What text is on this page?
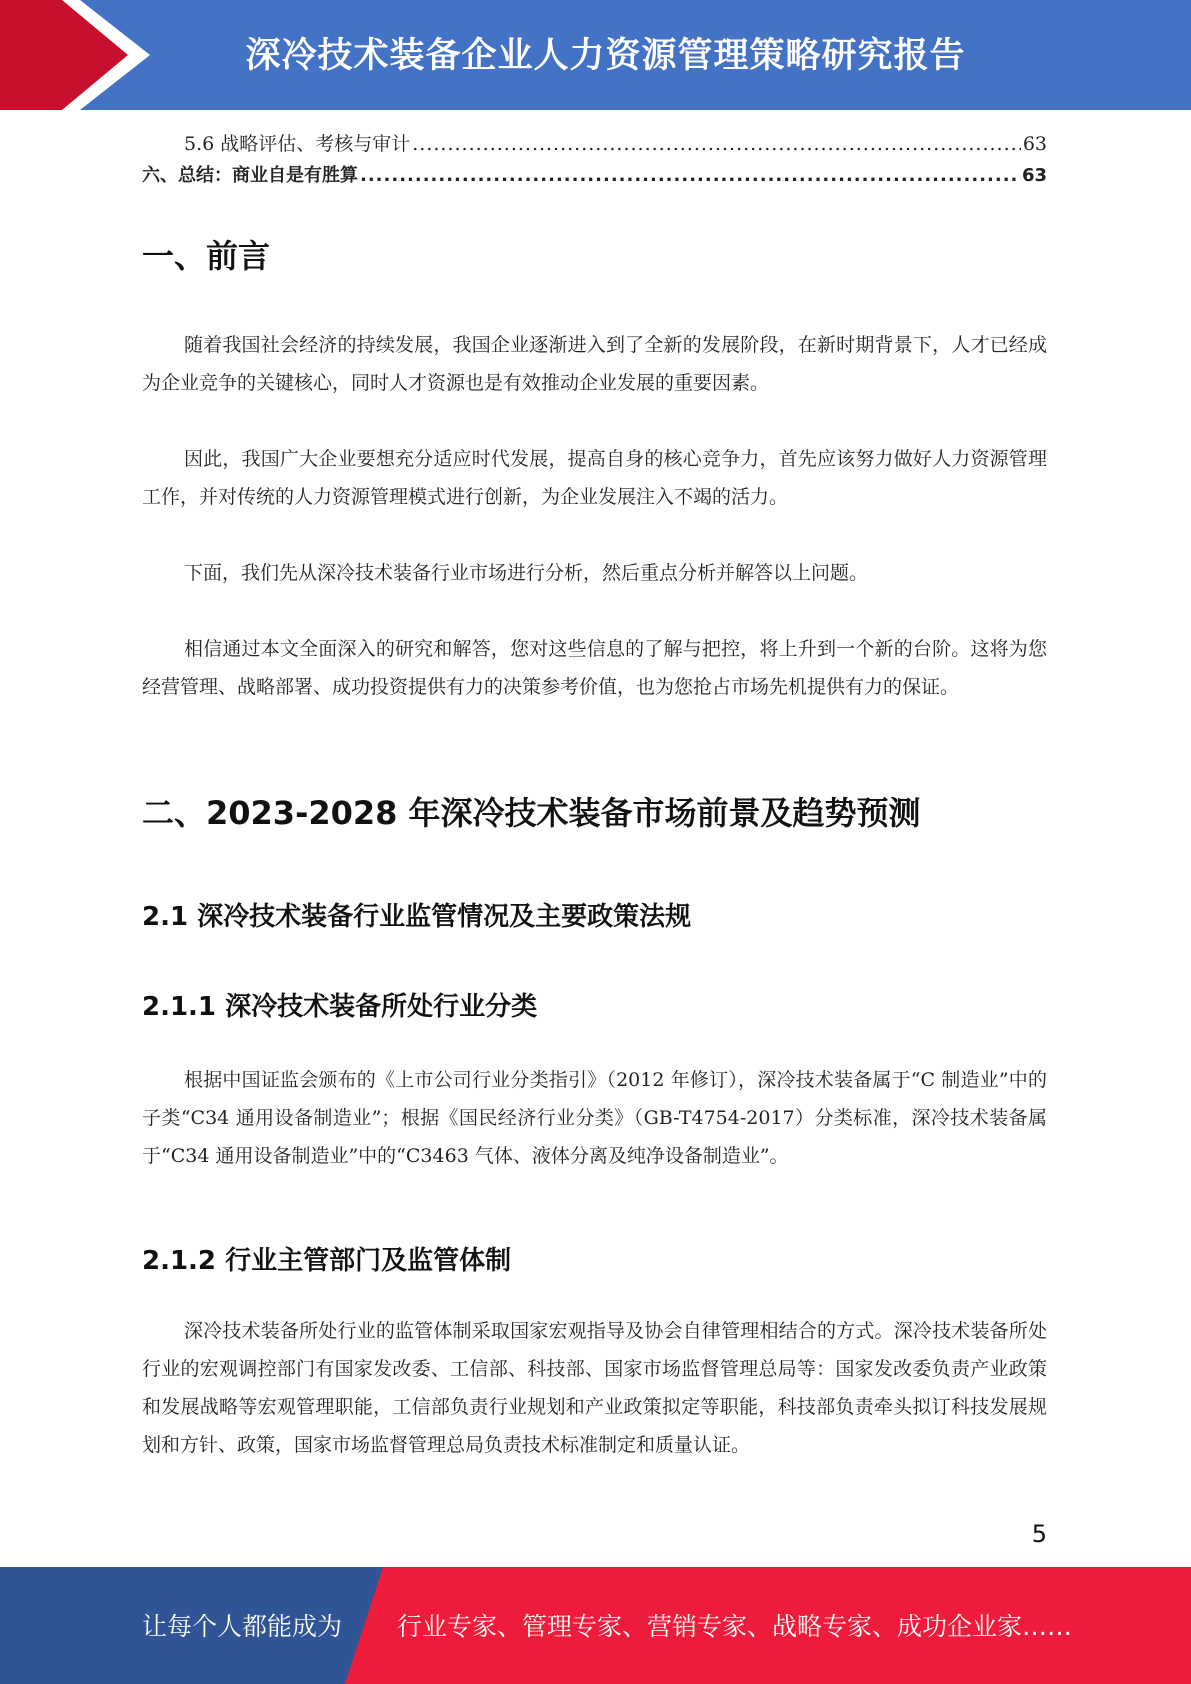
深冷技术装备企业人力资源管理策略研究报告
5.6 战略评估、考核与审计 .....	63
六、总结：商业自是有胜算 .....	63
一、前言

随着我国社会经济的持续发展，我国企业逐渐进入到了全新的发展阶段，在新时期背景下，人才已经成为企业竞争的关键核心，同时人才资源也是有效推动企业发展的重要因素。

因此，我国广大企业要想充分适应时代发展，提高自身的核心竞争力，首先应该努力做好人力资源管理工作，并对传统的人力资源管理模式进行创新，为企业发展注入不竭的活力。

下面，我们先从深冷技术装备行业市场进行分析，然后重点分析并解答以上问题。

相信通过本文全面深入的研究和解答，您对这些信息的了解与把控，将上升到一个新的台阶。这将为您经营管理、战略部署、成功投资提供有力的决策参考价值，也为您抢占市场先机提供有力的保证。

二、2023-2028 年深冷技术装备市场前景及趋势预测
2.1 深冷技术装备行业监管情况及主要政策法规
2.1.1 深冷技术装备所处行业分类

根据中国证监会颁布的《上市公司行业分类指引》（2012 年修订），深冷技术装备属于“C 制造业”中的子类“C34 通用设备制造业”；根据《国民经济行业分类》（GB-T4754-2017）分类标准，深冷技术装备属于“C34 通用设备制造业”中的“C3463 气体、液体分离及纯净设备制造业”。

2.1.2 行业主管部门及监管体制

深冷技术装备所处行业的监管体制采取国家宏观指导及协会自律管理相结合的方式。深冷技术装备所处行业的宏观调控部门有国家发改委、工信部、科技部、国家市场监督管理总局等：国家发改委负责产业政策和发展战略等宏观管理职能，工信部负责行业规划和产业政策拟定等职能，科技部负责牵头拟订科技发展规划和方针、政策，国家市场监督管理总局负责技术标准制定和质量认证。

5
让每个人都能成为 行业专家、管理专家、营销专家、战略专家、成功企业家……
